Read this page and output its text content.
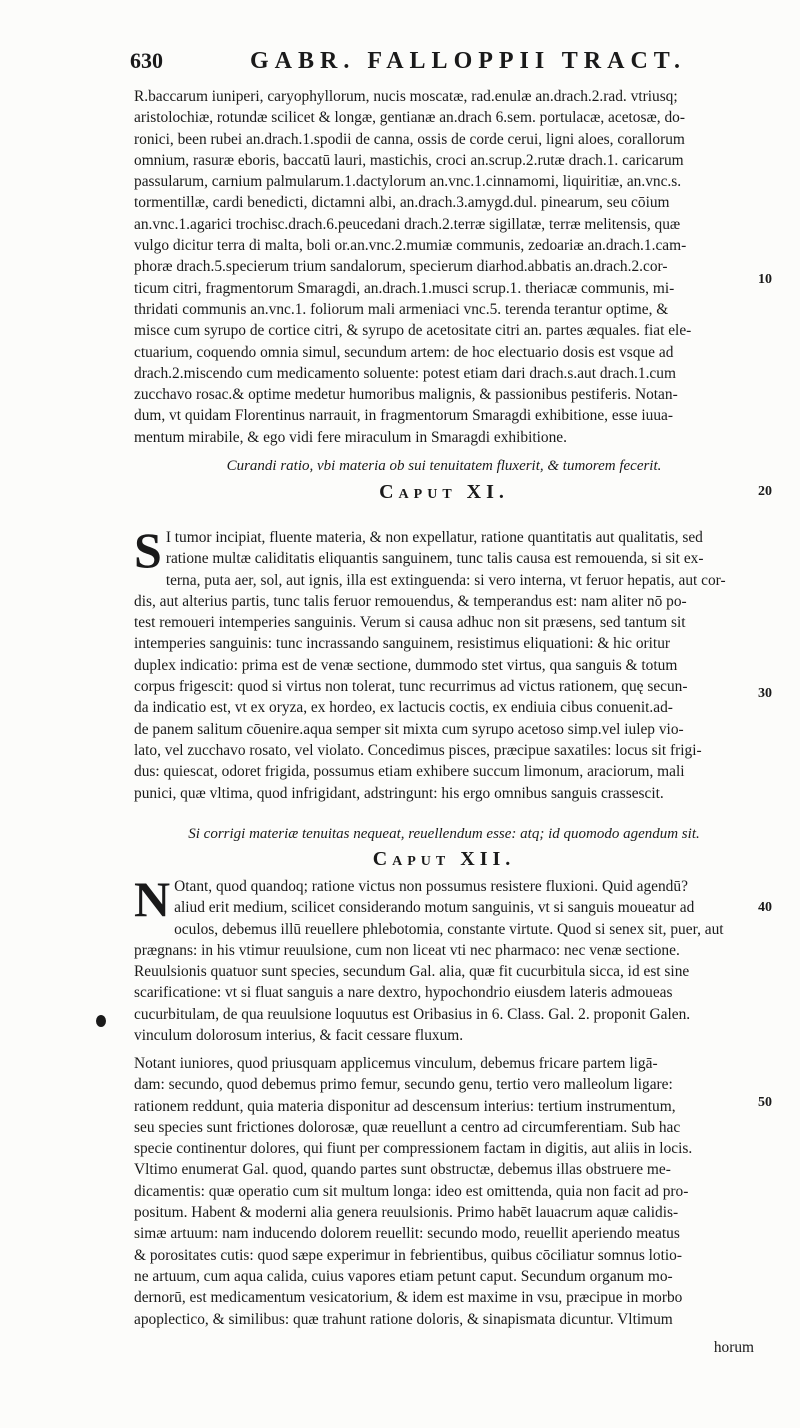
630	GABR. FALLOPPII TRACT.
R.baccarum iuniperi, caryophyllorum, nucis moscatæ, rad.enulæ an.drach.2.rad. vtriusq;
aristolochiæ, rotundæ scilicet & longæ, gentianæ an.drach 6.sem. portulacæ, acetosæ, do-
ronici, been rubei an.drach.1.spodii de canna, ossis de corde cerui, ligni aloes, corallorum
omnium, rasuræ eboris, baccatū lauri, mastichis, croci an.scrup.2.rutæ drach.1. caricarum
passularum, carnium palmularum.1.dactylorum an.vnc.1.cinnamomi, liquiritiæ, an.vnc.s.
tormentillæ, cardi benedicti, dictamni albi, an.drach.3.amygd.dul. pinearum, seu cōium
an.vnc.1.agarici trochisc.drach.6.peucedani drach.2.terræ sigillatæ, terræ melitensis, quæ
vulgo dicitur terra di malta, boli or.an.vnc.2.mumiæ communis, zedoariæ an.drach.1.cam-
phoræ drach.5.specierum trium sandalorum, specierum diarhod.abbatis an.drach.2.cor-
ticum citri, fragmentorum Smaragdi, an.drach.1.musci scrup.1. theriacæ communis, mi-
thridati communis an.vnc.1. foliorum mali armeniaci vnc.5. terenda terantur optime, &
misce cum syrupo de cortice citri, & syrupo de acetositate citri an. partes æquales. fiat ele-
ctuarium, coquendo omnia simul, secundum artem: de hoc electuario dosis est vsque ad
drach.2.miscendo cum medicamento soluente: potest etiam dari drach.s.aut drach.1.cum
zucchavo rosac.& optime medetur humoribus malignis, & passionibus pestiferis. Notan-
dum, vt quidam Florentinus narrauit, in fragmentorum Smaragdi exhibitione, esse iuua-
mentum mirabile, & ego vidi fere miraculum in Smaragdi exhibitione.
Curandi ratio, vbi materia ob sui tenuitatem fluxerit, & tumorem fecerit.
Caput XI.
S I tumor incipiat, fluente materia, & non expellatur, ratione quantitatis aut qualitatis, sed
ratione multæ caliditatis eliquantis sanguinem, tunc talis causa est remouenda, si sit ex-
terna, puta aer, sol, aut ignis, illa est extinguenda: si vero interna, vt feruor hepatis, aut cor-
dis, aut alterius partis, tunc talis feruor remouendus, & temperandus est: nam aliter nō po-
test remoueri intemperies sanguinis. Verum si causa adhuc non sit præsens, sed tantum sit
intemperies sanguinis: tunc incrassando sanguinem, resistimus eliquationi: & hic oritur
duplex indicatio: prima est de venæ sectione, dummodo stet virtus, qua sanguis & totum
corpus frigescit: quod si virtus non tolerat, tunc recurrimus ad victus rationem, quę secun-
da indicatio est, vt ex oryza, ex hordeo, ex lactucis coctis, ex endiuia cibus conuenit.ad-
de panem salitum cōuenire.aqua semper sit mixta cum syrupo acetoso simp.vel iulep vio-
lato, vel zucchavo rosato, vel violato. Concedimus pisces, præcipue saxatiles: locus sit frigi-
dus: quiescat, odoret frigida, possumus etiam exhibere succum limonum, araciorum, mali
punici, quæ vltima, quod infrigidant, adstringunt: his ergo omnibus sanguis crassescit.
Si corrigi materiæ tenuitas nequeat, reuellendum esse: atq; id quomodo agendum sit.
Caput XII.
N Otant, quod quandoq; ratione victus non possumus resistere fluxioni. Quid agendū?
aliud erit medium, scilicet considerando motum sanguinis, vt si sanguis moueatur ad
oculos, debemus illū reuellere phlebotomia, constante virtute. Quod si senex sit, puer, aut
prægnans: in his vtimur reuulsione, cum non liceat vti nec pharmaco: nec venæ sectione.
Reuulsionis quatuor sunt species, secundum Gal. alia, quæ fit cucurbitula sicca, id est sine
scarificatione: vt si fluat sanguis a nare dextro, hypochondrio eiusdem lateris admoueas
cucurbitulam, de qua reuulsione loquutus est Oribasius in 6. Class. Gal. 2. proponit Galen.
vinculum dolorosum interius, & facit cessare fluxum.
Notant iuniores, quod priusquam applicemus vinculum, debemus fricare partem ligā-
dam: secundo, quod debemus primo femur, secundo genu, tertio vero malleolum ligare:
rationem reddunt, quia materia disponitur ad descensum interius: tertium instrumentum,
seu species sunt frictiones dolorosæ, quæ reuellunt a centro ad circumferentiam. Sub hac
specie continentur dolores, qui fiunt per compressionem factam in digitis, aut aliis in locis.
Vltimo enumerat Gal. quod, quando partes sunt obstructæ, debemus illas obstruere me-
dicamentis: quæ operatio cum sit multum longa: ideo est omittenda, quia non facit ad pro-
positum. Habent & moderni alia genera reuulsionis. Primo habēt lauacrum aquæ calidis-
simæ artuum: nam inducendo dolorem reuellit: secundo modo, reuellit aperiendo meatus
& porositates cutis: quod sæpe experimur in febrientibus, quibus cōciliatur somnus lotio-
ne artuum, cum aqua calida, cuius vapores etiam petunt caput. Secundum organum mo-
dernorū, est medicamentum vesicatorium, & idem est maxime in vsu, præcipue in morbo
apoplectico, & similibus: quæ trahunt ratione doloris, & sinapismata dicuntur. Vltimum
horum
10
20
30
40
50
